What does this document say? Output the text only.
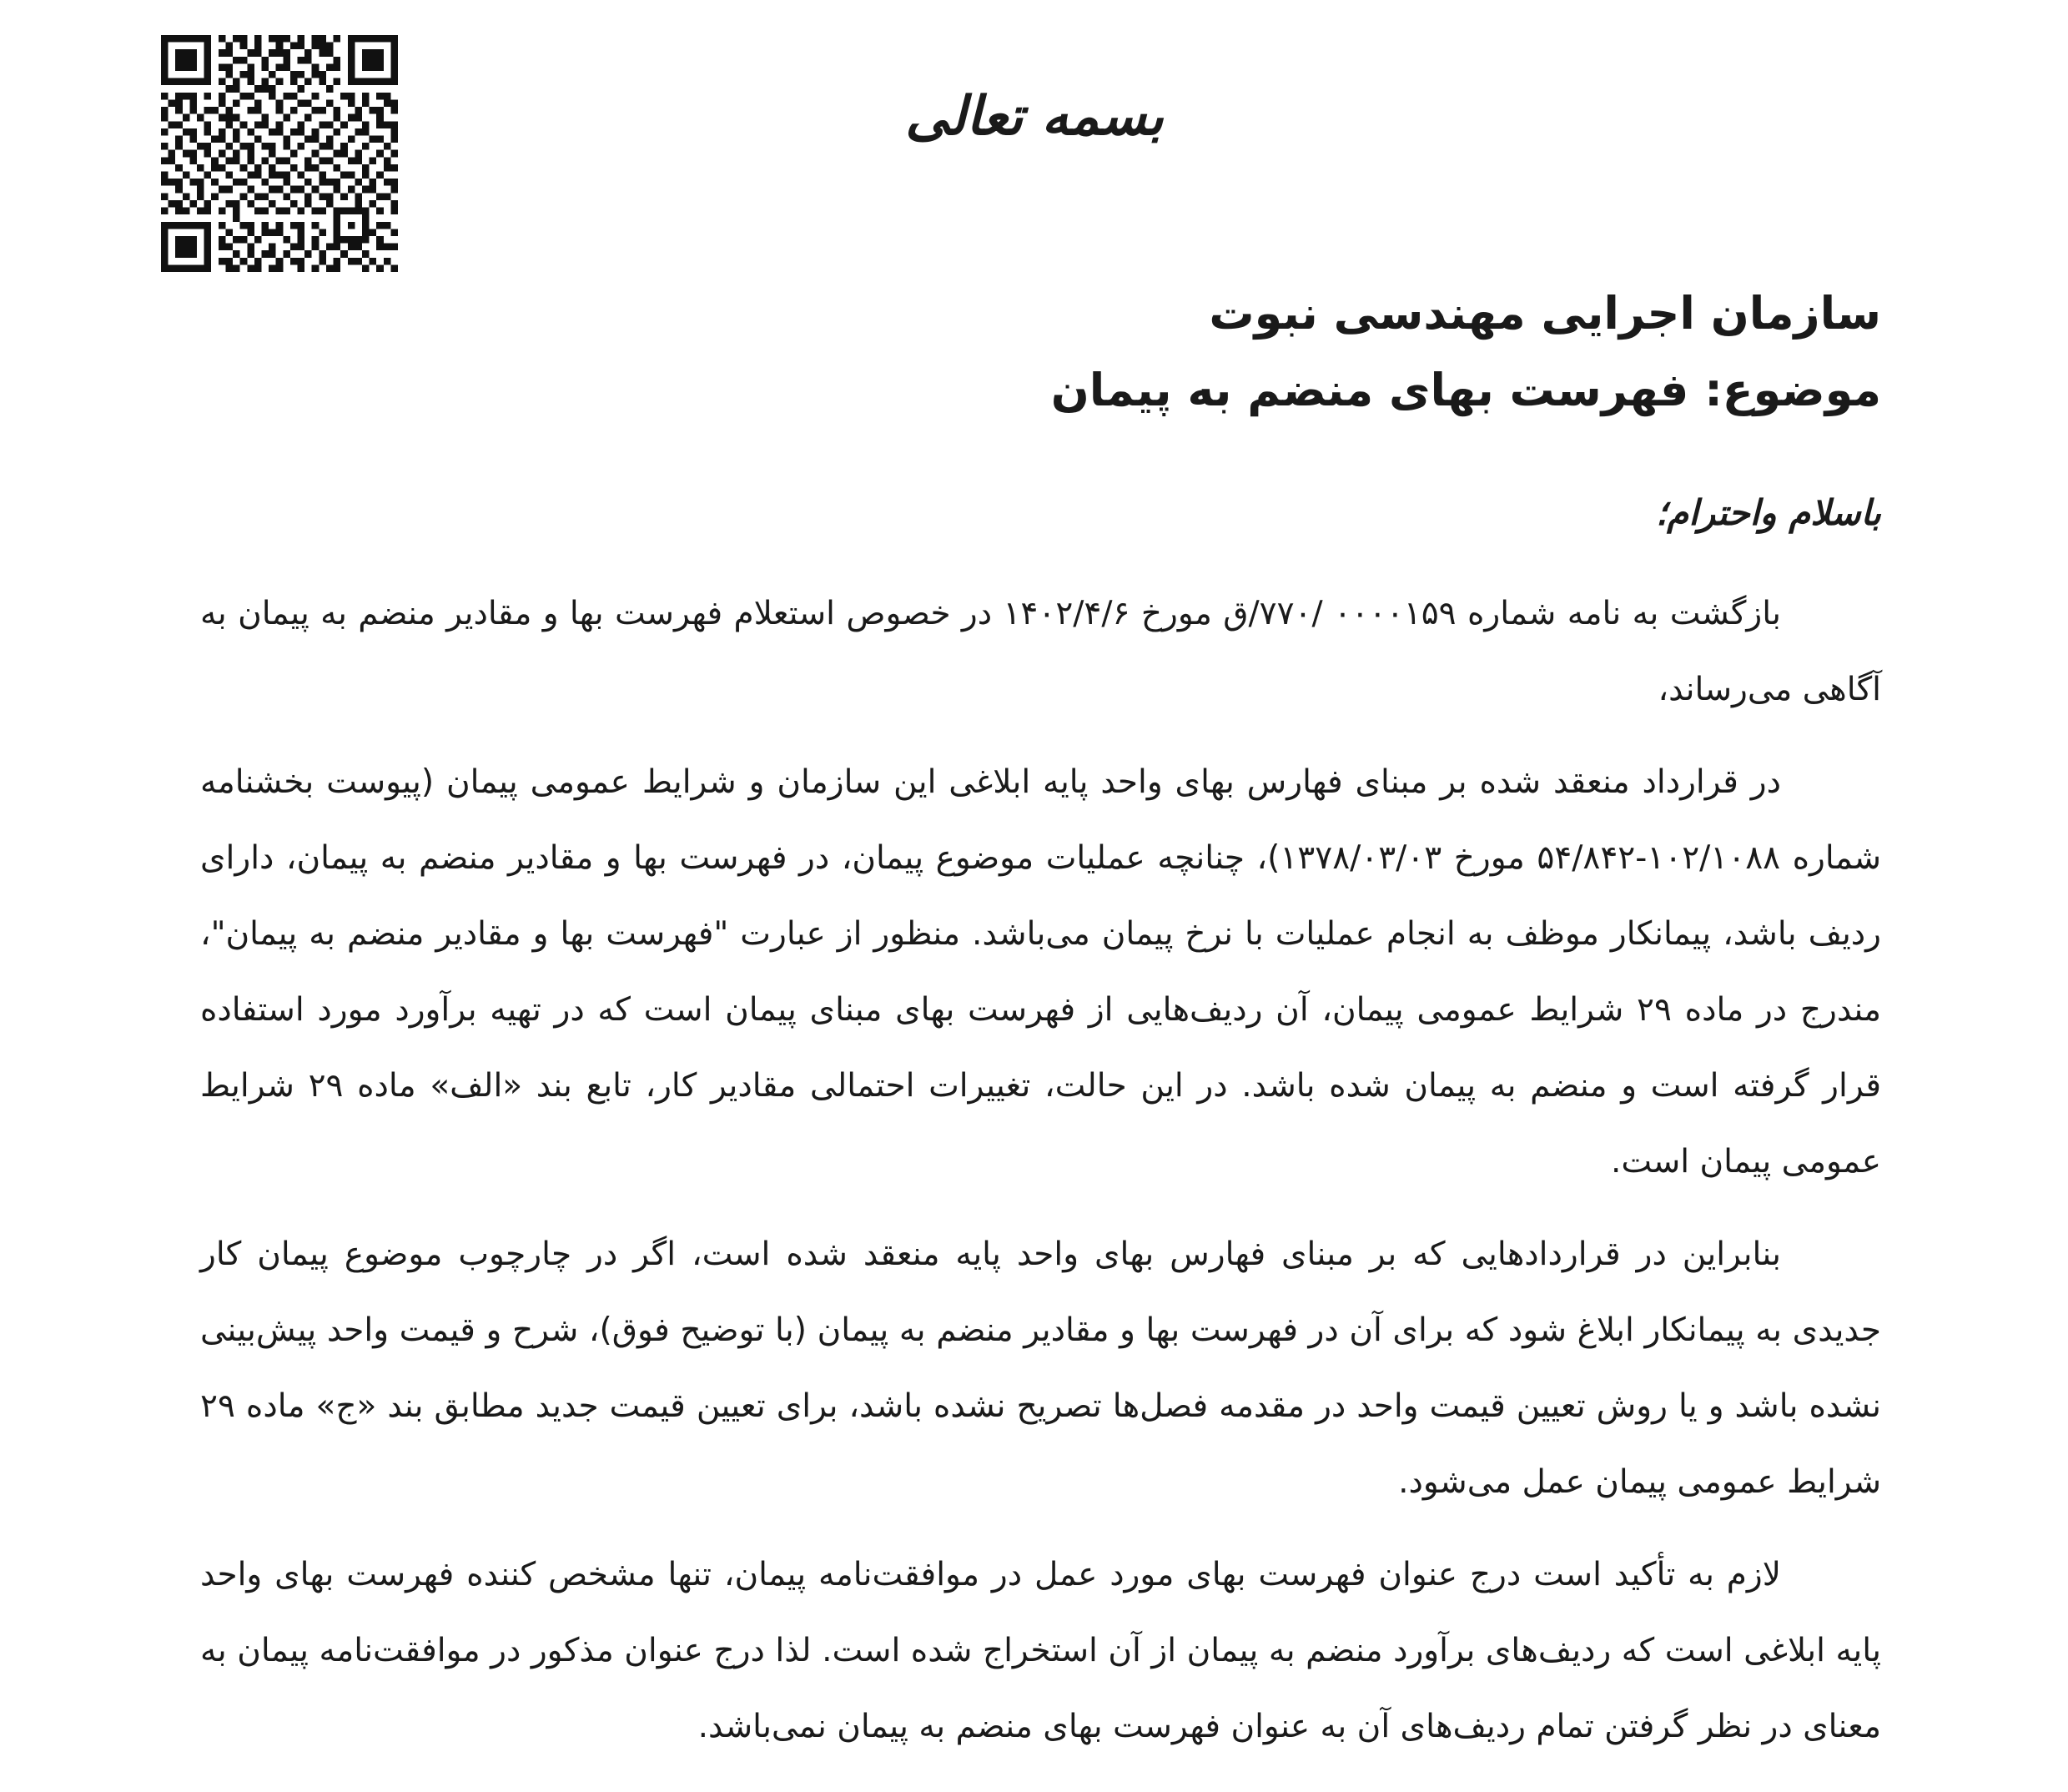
بسمه تعالی
سازمان اجرایی مهندسی نبوت
موضوع: فهرست بهای منضم به پیمان
باسلام واحترام؛

بازگشت به نامه شماره ۰۰۰۰۱۵۹ /۷۷۰/ق مورخ ۱۴۰۲/۴/۶ در خصوص استعلام فهرست بها و مقادیر منضم به پیمان به آگاهی می‌رساند،

در قرارداد منعقد شده بر مبنای فهارس بهای واحد پایه ابلاغی این سازمان و شرایط عمومی پیمان (پیوست بخشنامه شماره ۱۰۲/۱۰۸۸-۵۴/۸۴۲ مورخ ۱۳۷۸/۰۳/۰۳)، چنانچه عملیات موضوع پیمان، در فهرست بها و مقادیر منضم به پیمان، دارای ردیف باشد، پیمانکار موظف به انجام عملیات با نرخ پیمان می‌باشد. منظور از عبارت "فهرست بها و مقادیر منضم به پیمان"، مندرج در ماده ۲۹ شرایط عمومی پیمان، آن ردیف‌هایی از فهرست بهای مبنای پیمان است که در تهیه برآورد مورد استفاده قرار گرفته است و منضم به پیمان شده باشد. در این حالت، تغییرات احتمالی مقادیر کار، تابع بند «الف» ماده ۲۹ شرایط عمومی پیمان است.

بنابراین در قراردادهایی که بر مبنای فهارس بهای واحد پایه منعقد شده است، اگر در چارچوب موضوع پیمان کار جدیدی به پیمانکار ابلاغ شود که برای آن در فهرست بها و مقادیر منضم به پیمان (با توضیح فوق)، شرح و قیمت واحد پیش‌بینی نشده باشد و یا روش تعیین قیمت واحد در مقدمه فصل‌ها تصریح نشده باشد، برای تعیین قیمت جدید مطابق بند «ج» ماده ۲۹ شرایط عمومی پیمان عمل می‌شود.

لازم به تأکید است درج عنوان فهرست بهای مورد عمل در موافقت‌نامه پیمان، تنها مشخص کننده فهرست بهای واحد پایه ابلاغی است که ردیف‌های برآورد منضم به پیمان از آن استخراج شده است. لذا درج عنوان مذکور در موافقت‌نامه پیمان به معنای در نظر گرفتن تمام ردیف‌های آن به عنوان فهرست بهای منضم به پیمان نمی‌باشد.
